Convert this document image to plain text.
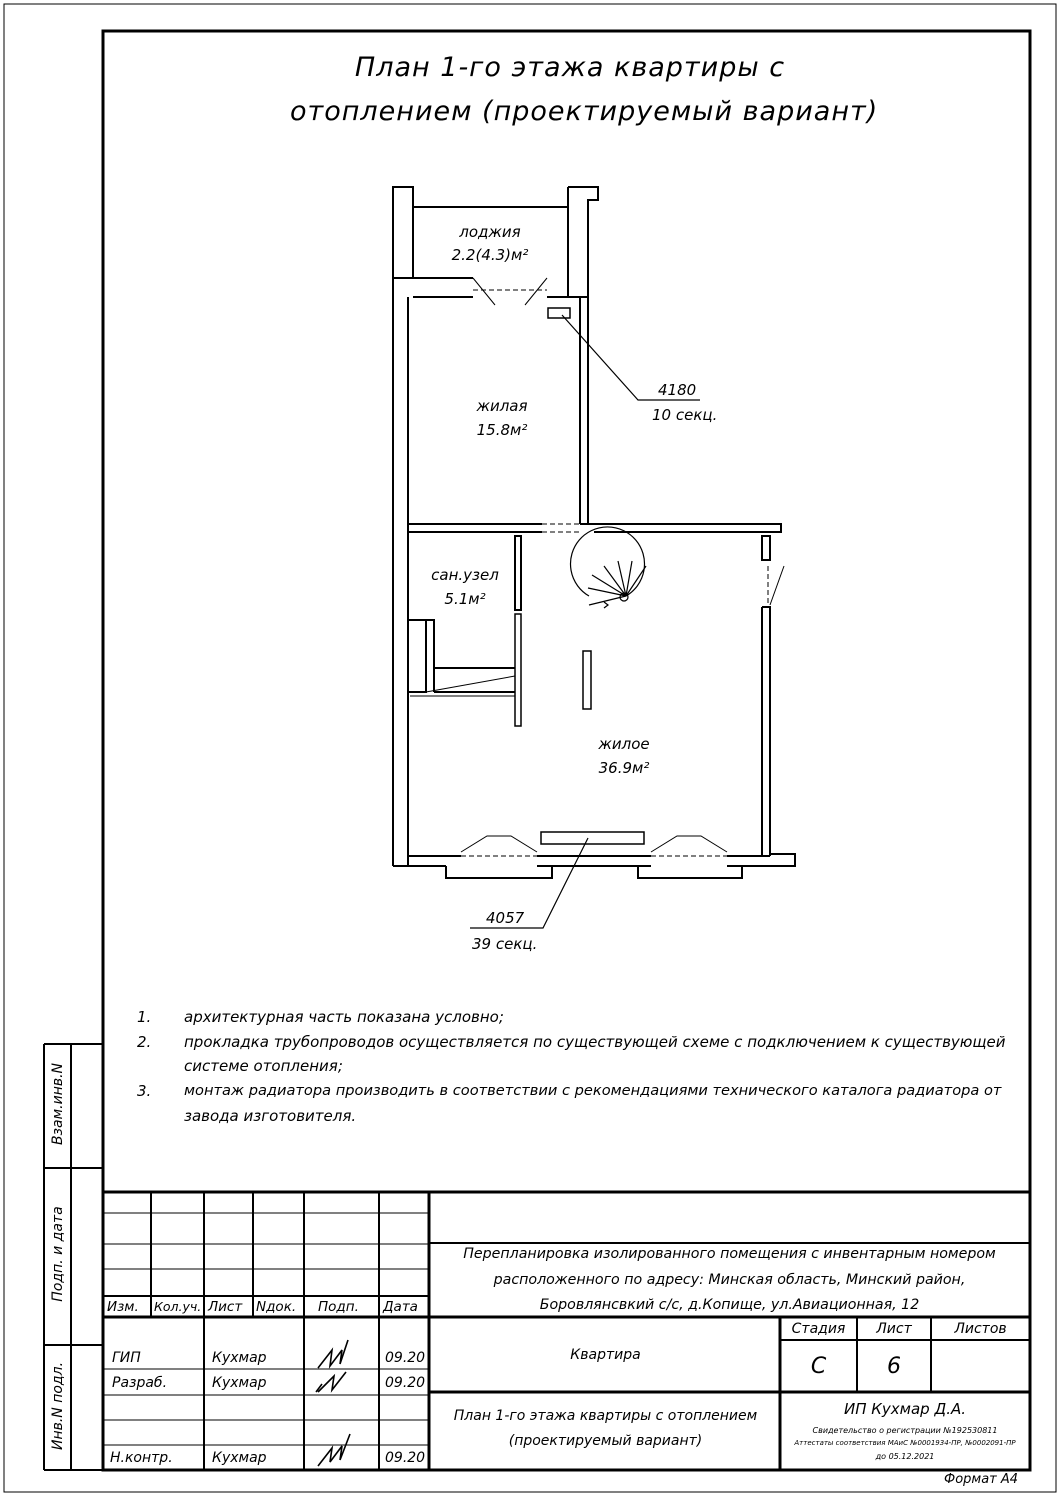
План 1-го этажа квартиры с
отоплением (проектируемый вариант)
лоджия
2.2(4.3)м²
жилая
15.8м²
сан.узел
5.1м²
жилое
36.9м²
4180
10 секц.
4057
39 секц.
1. архитектурная часть показана условно;
2. прокладка трубопроводов осуществляется по существующей схеме с подключением к существующей
системе отопления;
3. монтаж радиатора производить в соответствии с рекомендациями технического каталога радиатора от
завода изготовителя.
Взам.инв.N
Подп. и дата
Инв.N подл.
Изм. Кол.уч. Лист Nдок. Подп. Дата
ГИП	Кухмар	09.20
Разраб.	Кухмар	09.20
Н.контр.	Кухмар	09.20
Перепланировка изолированного помещения с инвентарным номером
расположенного по адресу: Минская область, Минский район,
Боровлянсвкий с/с, д.Копище, ул.Авиационная, 12
Квартира
Стадия	Лист	Листов
С	6
План 1-го этажа квартиры с отоплением
(проектируемый вариант)
ИП Кухмар Д.А.
Свидетельство о регистрации №192530811
Аттестаты соответствия МАиС №0001934-ПР, №0002091-ПР
до 05.12.2021
Формат А4
